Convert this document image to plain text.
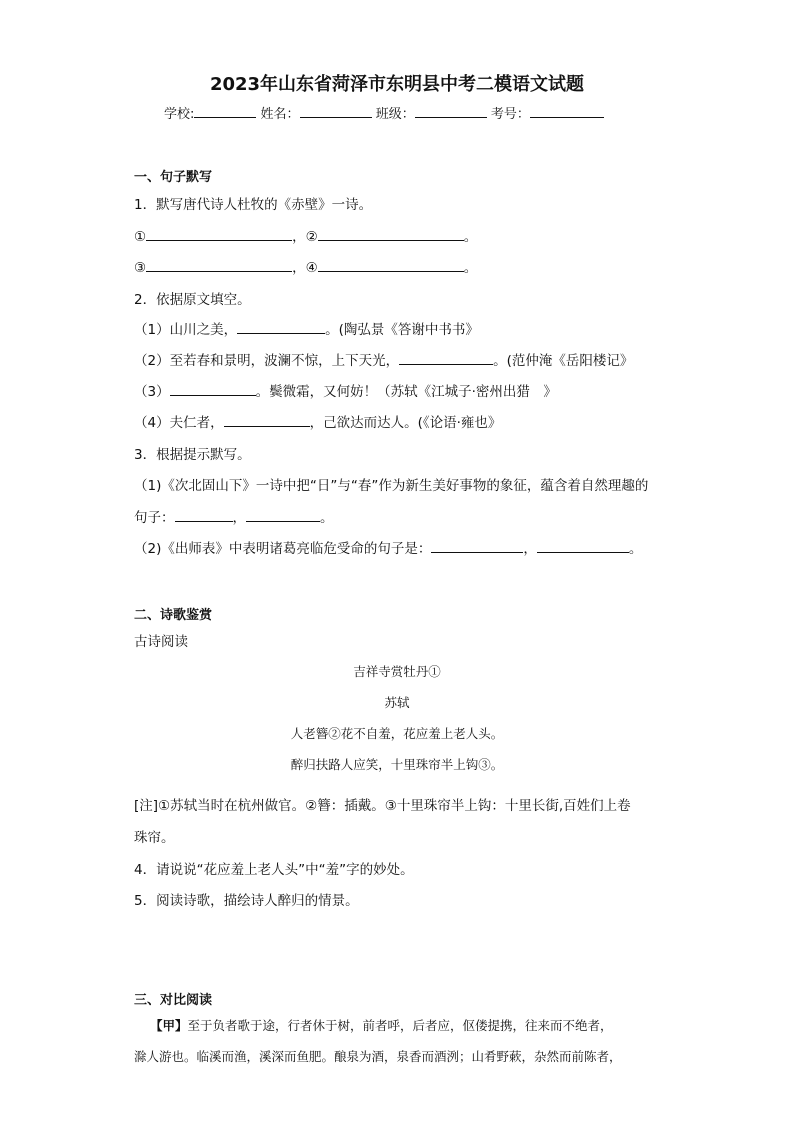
2023年山东省菏泽市东明县中考二模语文试题
学校:	姓名：	班级：	考号：
一、句子默写
1．默写唐代诗人杜牧的《赤壁》一诗。
①	，②	。
③	，④	。
2．依据原文填空。
（1）山川之美，	。(陶弘景《答谢中书书》
（2）至若春和景明，波澜不惊，上下天光，	。(范仲淹《岳阳楼记》
（3）	。鬓微霜，又何妨！（苏轼《江城子·密州出猎　》
（4）夫仁者，	，己欲达而达人。(《论语·雍也》
3．根据提示默写。
（1)《次北固山下》一诗中把“日”与“春”作为新生美好事物的象征，蕴含着自然理趣的
句子：	，	。
（2)《出师表》中表明诸葛亮临危受命的句子是：	，	。
二、诗歌鉴赏
古诗阅读
吉祥寺赏牡丹①
苏轼
人老簪②花不自羞，花应羞上老人头。
醉归扶路人应笑，十里珠帘半上钩③。
[注]①苏轼当时在杭州做官。②簪：插戴。③十里珠帘半上钩：十里长街,百姓们上卷
珠帘。
4．请说说“花应羞上老人头”中“羞”字的妙处。
5．阅读诗歌，描绘诗人醉归的情景。
三、对比阅读
【甲】至于负者歌于途，行者休于树，前者呼，后者应，伛偻提携，往来而不绝者，
滁人游也。临溪而渔，溪深而鱼肥。酿泉为酒，泉香而酒洌；山肴野蔌，杂然而前陈者，
